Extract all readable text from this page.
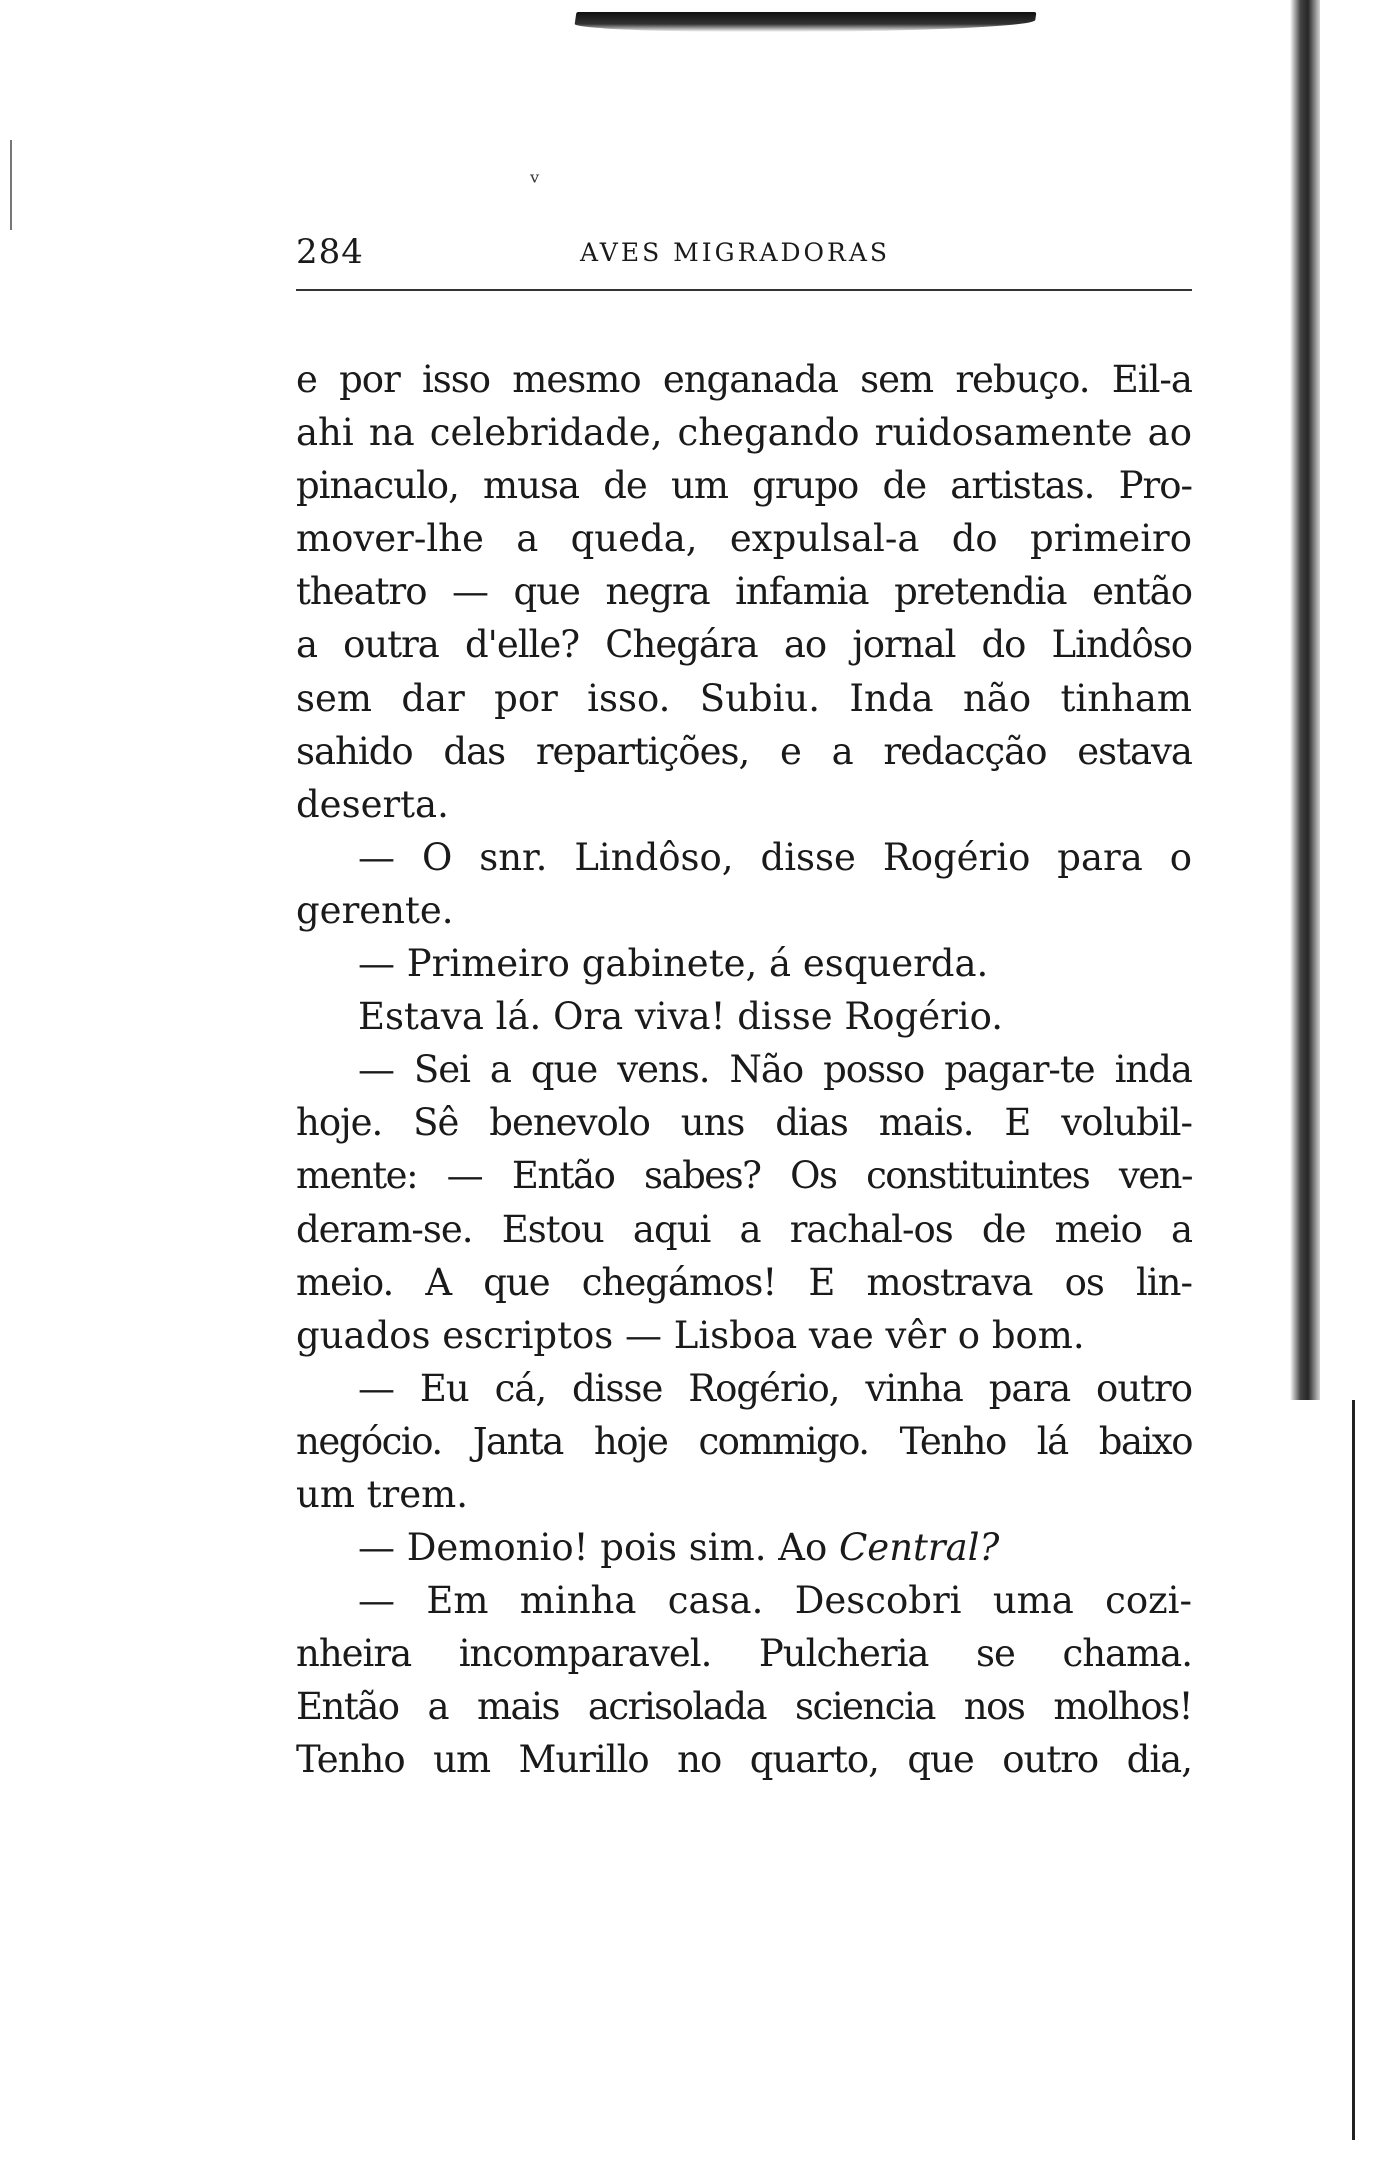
ᵛ
284	AVES MIGRADORAS
e por isso mesmo enganada sem rebuço. Eil-a
ahi na celebridade, chegando ruidosamente ao
pinaculo, musa de um grupo de artistas. Pro-
mover-lhe a queda, expulsal-a do primeiro
theatro — que negra infamia pretendia então
a outra d'elle? Chegára ao jornal do Lindôso
sem dar por isso. Subiu. Inda não tinham
sahido das repartições, e a redacção estava
deserta.
— O snr. Lindôso, disse Rogério para o
gerente.
— Primeiro gabinete, á esquerda.
Estava lá. Ora viva! disse Rogério.
— Sei a que vens. Não posso pagar-te inda
hoje. Sê benevolo uns dias mais. E volubil-
mente: — Então sabes? Os constituintes ven-
deram-se. Estou aqui a rachal-os de meio a
meio. A que chegámos! E mostrava os lin-
guados escriptos — Lisboa vae vêr o bom.
— Eu cá, disse Rogério, vinha para outro
negócio. Janta hoje commigo. Tenho lá baixo
um trem.
— Demonio! pois sim. Ao Central?
— Em minha casa. Descobri uma cozi-
nheira incomparavel. Pulcheria se chama.
Então a mais acrisolada sciencia nos molhos!
Tenho um Murillo no quarto, que outro dia,
